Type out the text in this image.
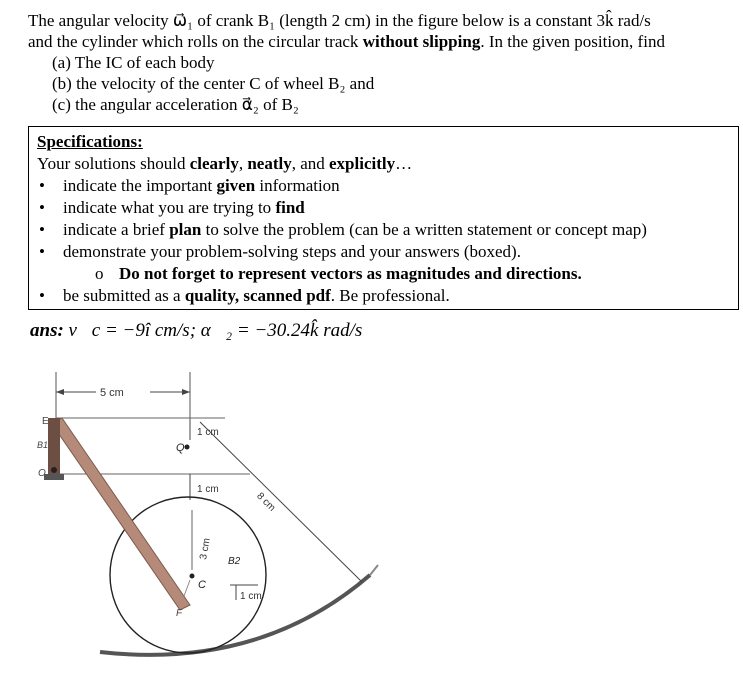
The angular velocity ω⃗₁ of crank B₁ (length 2 cm) in the figure below is a constant 3k̂ rad/s
and the cylinder which rolls on the circular track without slipping. In the given position, find
(a) The IC of each body
(b) the velocity of the center C of wheel B₂ and
(c) the angular acceleration α⃗₂ of B₂
Specifications:
Your solutions should clearly, neatly, and explicitly…
• indicate the important given information
• indicate what you are trying to find
• indicate a brief plan to solve the problem (can be a written statement or concept map)
• demonstrate your problem-solving steps and your answers (boxed).
o Do not forget to represent vectors as magnitudes and directions.
• be submitted as a quality, scanned pdf. Be professional.
ans: v⃗c = −9î cm/s; α⃗₂ = −30.24k̂ rad/s
5 cm
1 cm
1 cm
Q
8 cm
C
B2
3 cm
1 cm
E
B1
O
F
